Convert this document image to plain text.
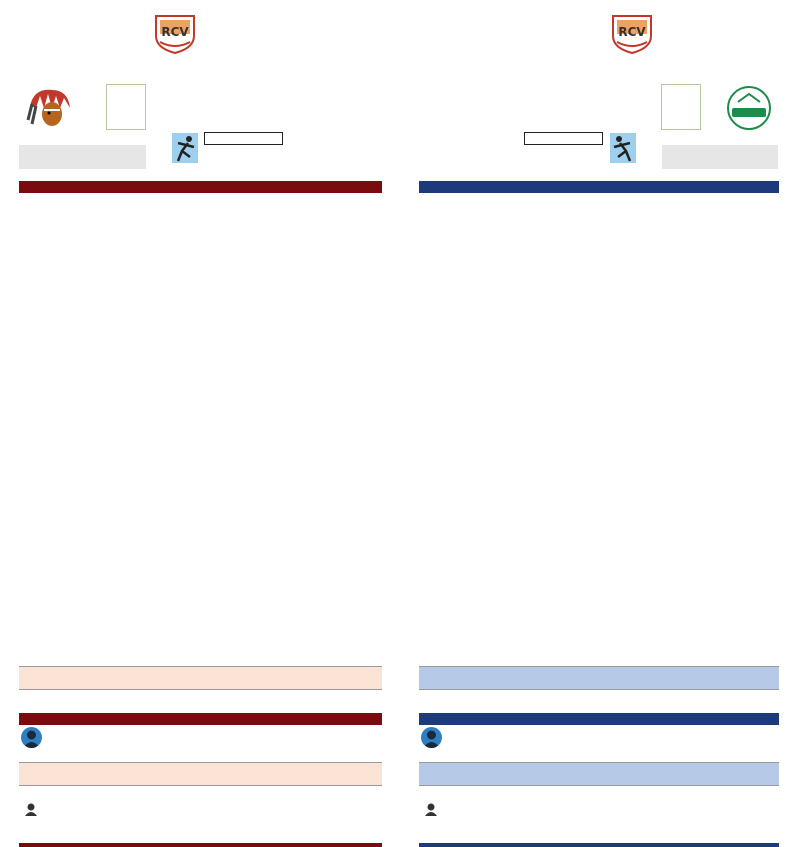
RCV	RCV
